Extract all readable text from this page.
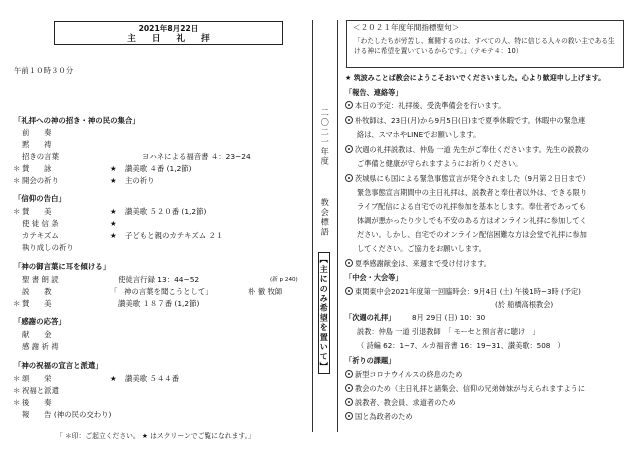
2021年8月22日
主日礼拝
午前１０時３０分
「礼拝への神の招き・神の民の集合」
前　　奏
黙　　祷
招きの言葉	ヨハネによる福音書 ４：23~24
＊ 賛　　詠	★ 讃美歌 ４番 (1,2節)
＊ 開会の祈り	★ 主の祈り
「信仰の告白」
＊ 賛　　美	★ 讃美歌 ５２０番 (1,2節)
使 徒 信 条	★
カテキズム	★ 子どもと親のカテキズム ２１
執り成しの祈り
「神の御言葉に耳を傾ける」
聖 書 朗 読	使徒言行録 13：44~52	(新 p 240)
説　　教	「 神の言葉を聞こうとして」	朴 徹 牧師
＊ 賛　　美	讃美歌 １８７番 (1,2節)
「感謝の応答」
献　　金
感 謝 祈 祷
「神の祝福の宣言と派遣」
＊ 頌　　栄	★ 讃美歌 ５４４番
＊ 祝福と派遣
＊ 後　　奏
報　　告 (神の民の交わり)
「 ＊印：ご起立ください。 ★ はスクリーンでご覧になれます。」
二〇二一年度
教会標語
【主にのみ希望を置いて】
＜２０２１年度年間指標聖句＞
「わたしたちが労苦し、奮闘するのは、すべての人、特に信じる人々の救い主である生ける神に希望を置いているからです。」（テモテ４：10）
★ 筑波みことば教会にようこそおいでくださいました。心より歓迎申し上げます。
「報告、連絡等」
本日の予定：礼拝後、受洗準備会を行います。
朴牧師は、23日(月)から9月5日(日)まで夏季休暇です。休暇中の緊急連
絡は、スマホやLINEでお願いします。
次週の礼拝説教は、仲島 一道 先生がご奉仕くださいます。先生の説教の
ご準備と健康が守られますようにお祈りください。
茨城県にも国による緊急事態宣言が発令されました（9月第２日日まで）
緊急事態宣言期間中の主日礼拝は、説教者と奉仕者以外は、できる限り
ライブ配信による自宅での礼拝参加を基本とします。奉仕者であっても
体調が悪かったり少しでも不安のある方はオンライン礼拝に参加してく
ださい。しかし、自宅でのオンライン配信困難な方は会堂で礼拝に参加
してください。ご協力をお願いします。
夏季感謝献金は、来週まで受け付けます。
「中会・大会等」
東関東中会2021年度第一回臨時会：9月4日 (土) 午後1時~3時 (予定)
(於 船橋高根教会)
「次週の礼拝」 8月 29日 (日) 10：30
説教：仲島 一道 引退教師　「 モーセと預言者に聴け　」
（ 詩編 62：1~7、ルカ福音書 16：19~31、讃美歌：508　）
「祈りの課題」
新型コロナウイルスの終息のため
教会のため（主日礼拝と諸集会、信仰の兄弟姉妹が与えられますように
説教者、教会員、求道者のため
国と為政者のため
